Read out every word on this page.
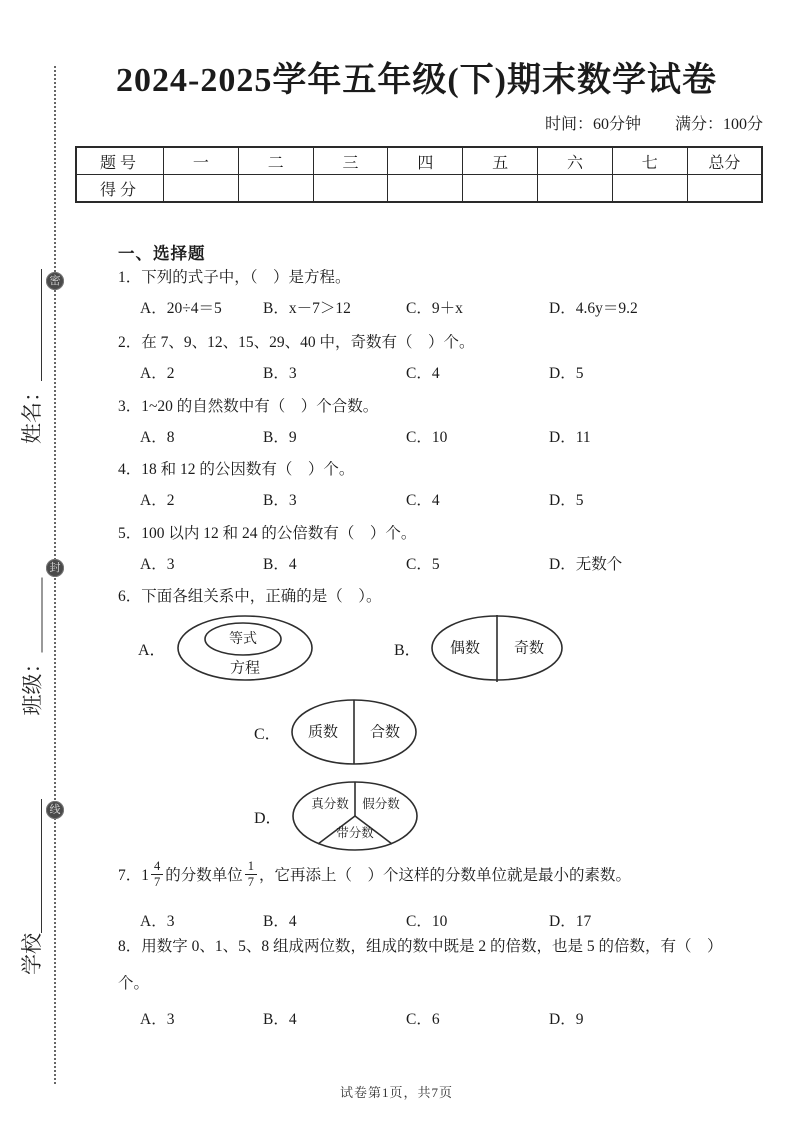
密
封
线
姓名：
班级：
学校
2024-2025学年五年级(下)期末数学试卷
时间：60分钟 满分：100分
题号	一	二	三	四	五	六	七	总分
得分								
一、选择题
1．下列的式子中，（　）是方程。
A．20÷4＝5	B．x－7＞12	C．9＋x	D．4.6y＝9.2
2．在 7、9、12、15、29、40 中，奇数有（　）个。
A．2	B．3	C．4	D．5
3．1~20 的自然数中有（　）个合数。
A．8	B．9	C．10	D．11
4．18 和 12 的公因数有（　）个。
A．2	B．3	C．4	D．5
5．100 以内 12 和 24 的公倍数有（　）个。
A．3	B．4	C．5	D．无数个
6．下面各组关系中，正确的是（　）。
A．
等式
方程
B． 偶数 奇数
C． 质数 合数
D．
真分数 假分数
带分数
7．$1 \frac{4}{7}$ 的分数单位 $\frac{1}{7}$ ，它再添上（　）个这样的分数单位就是最小的素数。
A．3	B．4	C．10	D．17
8．用数字 0、1、5、8 组成两位数，组成的数中既是 2 的倍数，也是 5 的倍数，有（　）
个。
A．3	B．4	C．6	D．9
试卷第1页，共7页
